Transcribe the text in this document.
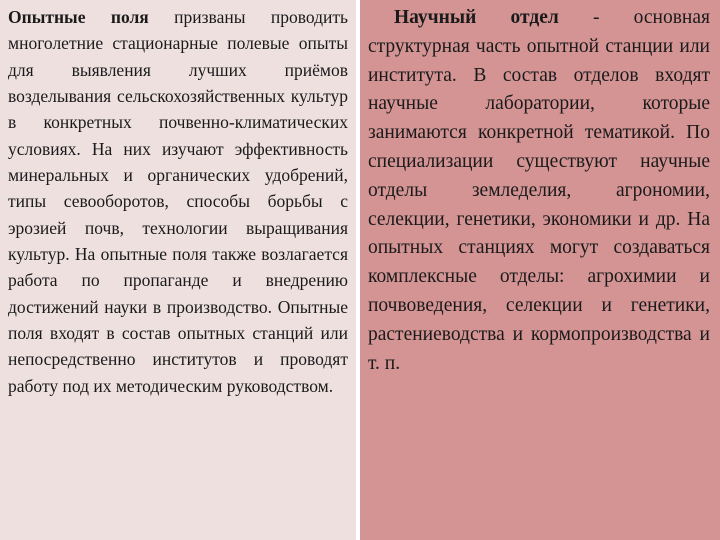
Опытные поля призваны проводить многолетние стационарные полевые опыты для выявления лучших приёмов возделывания сельскохозяйственных культур в конкретных почвенно-климатических условиях. На них изучают эффективность минеральных и органических удобрений, типы севооборотов, способы борьбы с эрозией почв, технологии выращивания культур. На опытные поля также возлагается работа по пропаганде и внедрению достижений науки в производство. Опытные поля входят в состав опытных станций или непосредственно институтов и проводят работу под их методическим руководством.

Научный отдел - основная структурная часть опытной станции или института. В состав отделов входят научные лаборатории, которые занимаются конкретной тематикой. По специализации существуют научные отделы земледелия, агрономии, селекции, генетики, экономики и др. На опытных станциях могут создаваться комплексные отделы: агрохимии и почвоведения, селекции и генетики, растениеводства и кормопроизводства и т. п.
